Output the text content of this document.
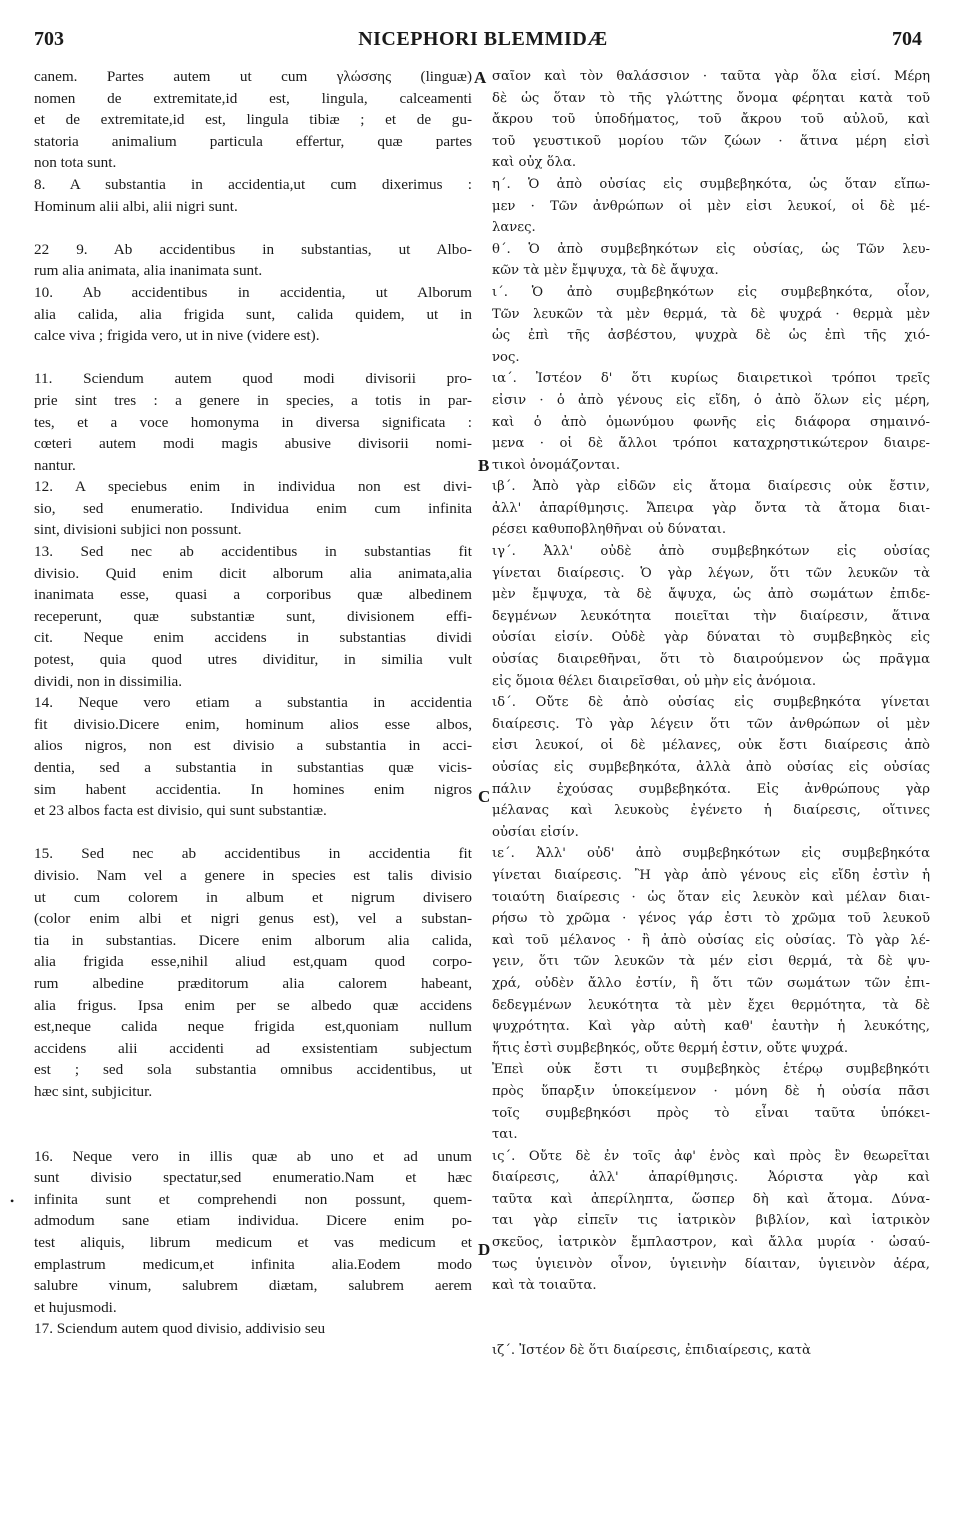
703	NICEPHORI BLEMMIDÆ	704
canem. Partes autem ut cum γλώσσης (linguæ)
nomen de extremitate,id est, lingula, calceamenti
et de extremitate,id est, lingula tibiæ ; et de gu-
statoria animalium particula effertur, quæ partes
non tota sunt.
8. A substantia in accidentia,ut cum dixerimus :
Hominum alii albi, alii nigri sunt.
22 9. Ab accidentibus in substantias, ut Albo-
rum alia animata, alia inanimata sunt.
10. Ab accidentibus in accidentia, ut Alborum
alia calida, alia frigida sunt, calida quidem, ut in
calce viva ; frigida vero, ut in nive (videre est).
11. Sciendum autem quod modi divisorii pro-
prie sint tres : a genere in species, a totis in par-
tes, et a voce homonyma in diversa significata :
cœteri autem modi magis abusive divisorii nomi-
nantur.
12. A speciebus enim in individua non est divi-
sio, sed enumeratio. Individua enim cum infinita
sint, divisioni subjici non possunt.
13. Sed nec ab accidentibus in substantias fit
divisio. Quid enim dicit alborum alia animata,alia
inanimata esse, quasi a corporibus quæ albedinem
receperunt, quæ substantiæ sunt, divisionem effi-
cit. Neque enim accidens in substantias dividi
potest, quia quod utres dividitur, in similia vult
dividi, non in dissimilia.
14. Neque vero etiam a substantia in accidentia
fit divisio.Dicere enim, hominum alios esse albos,
alios nigros, non est divisio a substantia in acci-
dentia, sed a substantia in substantias quæ vicis-
sim habent accidentia. In homines enim nigros
et 23 albos facta est divisio, qui sunt substantiæ.
15. Sed nec ab accidentibus in accidentia fit
divisio. Nam vel a genere in species est talis divisio
ut cum colorem in album et nigrum divisero
(color enim albi et nigri genus est), vel a substan-
tia in substantias. Dicere enim alborum alia calida,
alia frigida esse,nihil aliud est,quam quod corpo-
rum albedine præditorum alia calorem habeant,
alia frigus. Ipsa enim per se albedo quæ accidens
est,neque calida neque frigida est,quoniam nullum
accidens alii accidenti ad exsistentiam subjectum
est ; sed sola substantia omnibus accidentibus, ut
hæc sint, subjicitur.
16. Neque vero in illis quæ ab uno et ad unum
sunt divisio spectatur,sed enumeratio.Nam et hæc
infinita sunt et comprehendi non possunt, quem-
admodum sane etiam individua. Dicere enim po-
test aliquis, librum medicum et vas medicum et
emplastrum medicum,et infinita alia.Eodem modo
salubre vinum, salubrem diætam, salubrem aerem
et hujusmodi.
17. Sciendum autem quod divisio, addivisio seu
σαῖον καὶ τὸν θαλάσσιον · ταῦτα γὰρ ὅλα εἰσί. Μέρη
δὲ ὡς ὅταν τὸ τῆς γλώττης ὄνομα φέρηται κατὰ τοῦ
ἄκρου τοῦ ὑποδήματος, τοῦ ἄκρου τοῦ αὐλοῦ, καὶ
τοῦ γευστικοῦ μορίου τῶν ζώων · ἅτινα μέρη εἰσὶ
καὶ οὐχ ὅλα.
η΄. Ὁ ἀπὸ οὐσίας εἰς συμβεβηκότα, ὡς ὅταν εἴπω-
μεν · Τῶν ἀνθρώπων οἱ μὲν εἰσι λευκοί, οἱ δὲ μέ-
λανες.
θ΄. Ὁ ἀπὸ συμβεβηκότων εἰς οὐσίας, ὡς Τῶν λευ-
κῶν τὰ μὲν ἔμψυχα, τὰ δὲ ἄψυχα.
ι΄. Ὁ ἀπὸ συμβεβηκότων εἰς συμβεβηκότα, οἷον,
Τῶν λευκῶν τὰ μὲν θερμά, τὰ δὲ ψυχρά · θερμὰ μὲν
ὡς ἐπὶ τῆς ἀσβέστου, ψυχρὰ δὲ ὡς ἐπὶ τῆς χιό-
νος.
ια΄. Ἰστέον δ' ὅτι κυρίως διαιρετικοὶ τρόποι τρεῖς
εἰσιν · ὁ ἀπὸ γένους εἰς εἴδη, ὁ ἀπὸ ὅλων εἰς μέρη,
καὶ ὁ ἀπὸ ὁμωνύμου φωνῆς εἰς διάφορα σημαινό-
μενα · οἱ δὲ ἄλλοι τρόποι καταχρηστικώτερον διαιρε-
τικοὶ ὀνομάζονται.
ιβ΄. Ἀπὸ γὰρ εἰδῶν εἰς ἄτομα διαίρεσις οὐκ ἔστιν,
ἀλλ' ἀπαρίθμησις. Ἄπειρα γὰρ ὄντα τὰ ἄτομα διαι-
ρέσει καθυποβληθῆναι οὐ δύναται.
ιγ΄. Ἀλλ' οὐδὲ ἀπὸ συμβεβηκότων εἰς οὐσίας
γίνεται διαίρεσις. Ὁ γὰρ λέγων, ὅτι τῶν λευκῶν τὰ
μὲν ἔμψυχα, τὰ δὲ ἄψυχα, ὡς ἀπὸ σωμάτων ἐπιδε-
δεγμένων λευκότητα ποιεῖται τὴν διαίρεσιν, ἅτινα
οὐσίαι εἰσίν. Οὐδὲ γὰρ δύναται τὸ συμβεβηκὸς εἰς
οὐσίας διαιρεθῆναι, ὅτι τὸ διαιρούμενον ὡς πρᾶγμα
εἰς ὅμοια θέλει διαιρεῖσθαι, οὐ μὴν εἰς ἀνόμοια.
ιδ΄. Οὔτε δὲ ἀπὸ οὐσίας εἰς συμβεβηκότα γίνεται
διαίρεσις. Τὸ γὰρ λέγειν ὅτι τῶν ἀνθρώπων οἱ μὲν
εἰσι λευκοί, οἱ δὲ μέλανες, οὐκ ἔστι διαίρεσις ἀπὸ
οὐσίας εἰς συμβεβηκότα, ἀλλὰ ἀπὸ οὐσίας εἰς οὐσίας
πάλιν ἐχούσας συμβεβηκότα. Εἰς ἀνθρώπους γὰρ
μέλανας καὶ λευκοὺς ἐγένετο ἡ διαίρεσις, οἵτινες
οὐσίαι εἰσίν.
ιε΄. Ἀλλ' οὐδ' ἀπὸ συμβεβηκότων εἰς συμβεβηκότα
γίνεται διαίρεσις. Ἢ γὰρ ἀπὸ γένους εἰς εἴδη ἐστὶν ἡ
τοιαύτη διαίρεσις · ὡς ὅταν εἰς λευκὸν καὶ μέλαν διαι-
ρήσω τὸ χρῶμα · γένος γάρ ἐστι τὸ χρῶμα τοῦ λευκοῦ
καὶ τοῦ μέλανος · ἢ ἀπὸ οὐσίας εἰς οὐσίας. Τὸ γὰρ λέ-
γειν, ὅτι τῶν λευκῶν τὰ μέν εἰσι θερμά, τὰ δὲ ψυ-
χρά, οὐδὲν ἄλλο ἐστίν, ἢ ὅτι τῶν σωμάτων τῶν ἐπι-
δεδεγμένων λευκότητα τὰ μὲν ἔχει θερμότητα, τὰ δὲ
ψυχρότητα. Καὶ γὰρ αὐτὴ καθ' ἑαυτὴν ἡ λευκότης,
ἥτις ἐστὶ συμβεβηκός, οὔτε θερμή ἐστιν, οὔτε ψυχρά.
Ἐπεὶ οὐκ ἔστι τι συμβεβηκὸς ἑτέρῳ συμβεβηκότι
πρὸς ὕπαρξιν ὑποκείμενον · μόνη δὲ ἡ οὐσία πᾶσι
τοῖς συμβεβηκόσι πρὸς τὸ εἶναι ταῦτα ὑπόκει-
ται.
ις΄. Οὔτε δὲ ἐν τοῖς ἀφ' ἑνὸς καὶ πρὸς ἓν θεωρεῖται
διαίρεσις, ἀλλ' ἀπαρίθμησις. Ἀόριστα γὰρ καὶ
ταῦτα καὶ ἀπερίληπτα, ὥσπερ δὴ καὶ ἄτομα. Δύνα-
ται γὰρ εἰπεῖν τις ἰατρικὸν βιβλίον, καὶ ἰατρικὸν
σκεῦος, ἰατρικὸν ἔμπλαστρον, καὶ ἄλλα μυρία · ὡσαύ-
τως ὑγιεινὸν οἶνον, ὑγιεινὴν δίαιταν, ὑγιεινὸν ἀέρα,
καὶ τὰ τοιαῦτα.
ιζ΄. Ἰστέον δὲ ὅτι διαίρεσις, ἐπιδιαίρεσις, κατὰ
A
B
C
D
•
